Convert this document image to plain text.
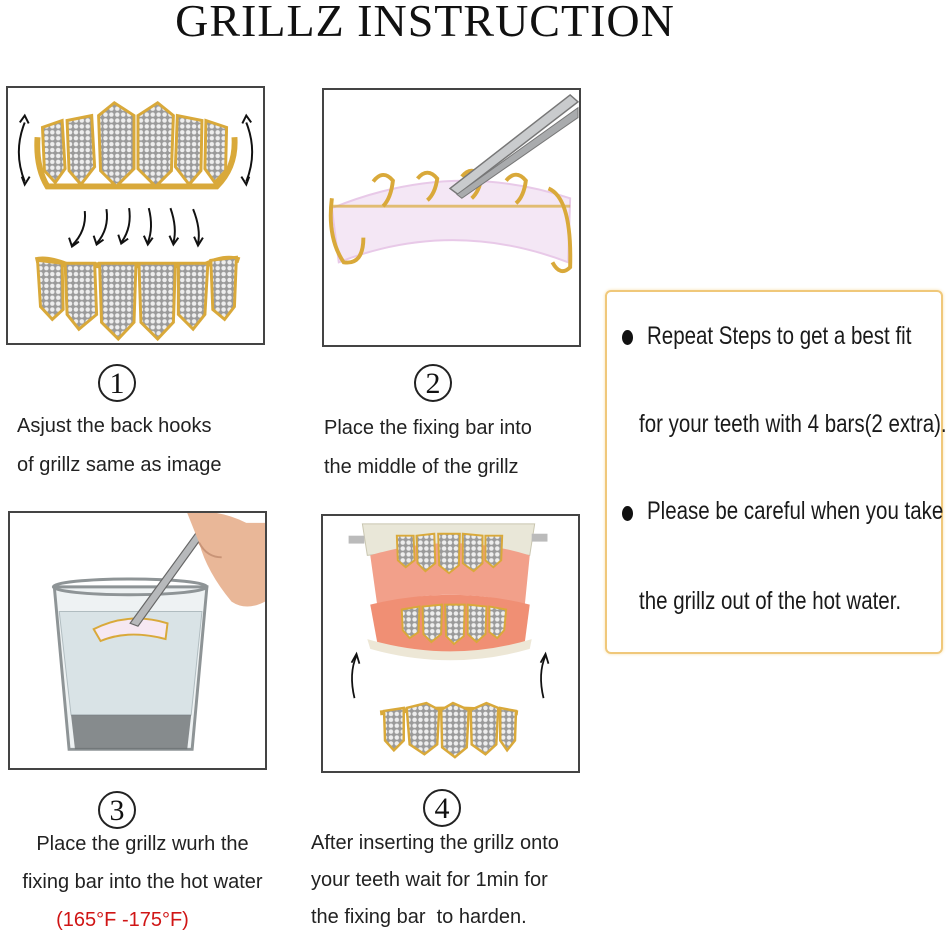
GRILLZ INSTRUCTION
1	2
Asjust the back hooks
of grillz same as image
Place the fixing bar into
the middle of the grillz
Repeat Steps to get a best fit
for your teeth with 4 bars(2 extra).
Please be careful when you take
the grillz out of the hot water.
3	4
Place the grillz wurh the
fixing bar into the hot water
(165°F -175°F)
After inserting the grillz onto
your teeth wait for 1min for
the fixing bar  to harden.
